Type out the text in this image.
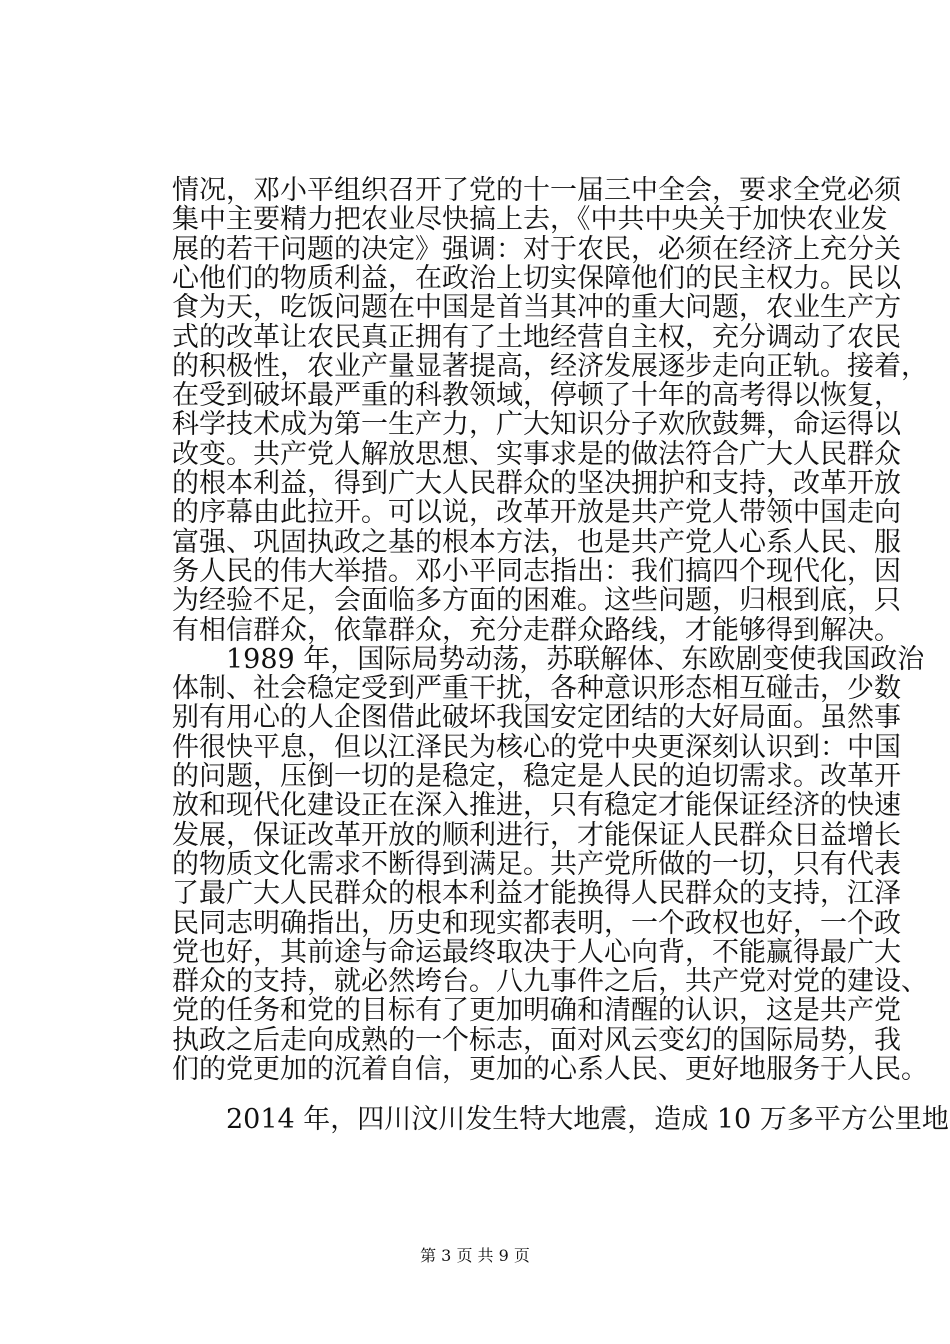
情况，邓小平组织召开了党的十一届三中全会，要求全党必须
集中主要精力把农业尽快搞上去，《中共中央关于加快农业发
展的若干问题的决定》强调：对于农民，必须在经济上充分关
心他们的物质利益，在政治上切实保障他们的民主权力。民以
食为天，吃饭问题在中国是首当其冲的重大问题，农业生产方
式的改革让农民真正拥有了土地经营自主权，充分调动了农民
的积极性，农业产量显著提高，经济发展逐步走向正轨。接着，
在受到破坏最严重的科教领域，停顿了十年的高考得以恢复，
科学技术成为第一生产力，广大知识分子欢欣鼓舞，命运得以
改变。共产党人解放思想、实事求是的做法符合广大人民群众
的根本利益，得到广大人民群众的坚决拥护和支持，改革开放
的序幕由此拉开。可以说，改革开放是共产党人带领中国走向
富强、巩固执政之基的根本方法，也是共产党人心系人民、服
务人民的伟大举措。邓小平同志指出：我们搞四个现代化，因
为经验不足，会面临多方面的困难。这些问题，归根到底，只
有相信群众，依靠群众，充分走群众路线，才能够得到解决。
1989 年，国际局势动荡，苏联解体、东欧剧变使我国政治
体制、社会稳定受到严重干扰，各种意识形态相互碰击，少数
别有用心的人企图借此破坏我国安定团结的大好局面。虽然事
件很快平息，但以江泽民为核心的党中央更深刻认识到：中国
的问题，压倒一切的是稳定，稳定是人民的迫切需求。改革开
放和现代化建设正在深入推进，只有稳定才能保证经济的快速
发展，保证改革开放的顺利进行，才能保证人民群众日益增长
的物质文化需求不断得到满足。共产党所做的一切，只有代表
了最广大人民群众的根本利益才能换得人民群众的支持，江泽
民同志明确指出，历史和现实都表明，一个政权也好，一个政
党也好，其前途与命运最终取决于人心向背，不能赢得最广大
群众的支持，就必然垮台。八九事件之后，共产党对党的建设、
党的任务和党的目标有了更加明确和清醒的认识，这是共产党
执政之后走向成熟的一个标志，面对风云变幻的国际局势，我
们的党更加的沉着自信，更加的心系人民、更好地服务于人民。
2014 年，四川汶川发生特大地震，造成 10 万多平方公里地
第 3 页 共 9 页
